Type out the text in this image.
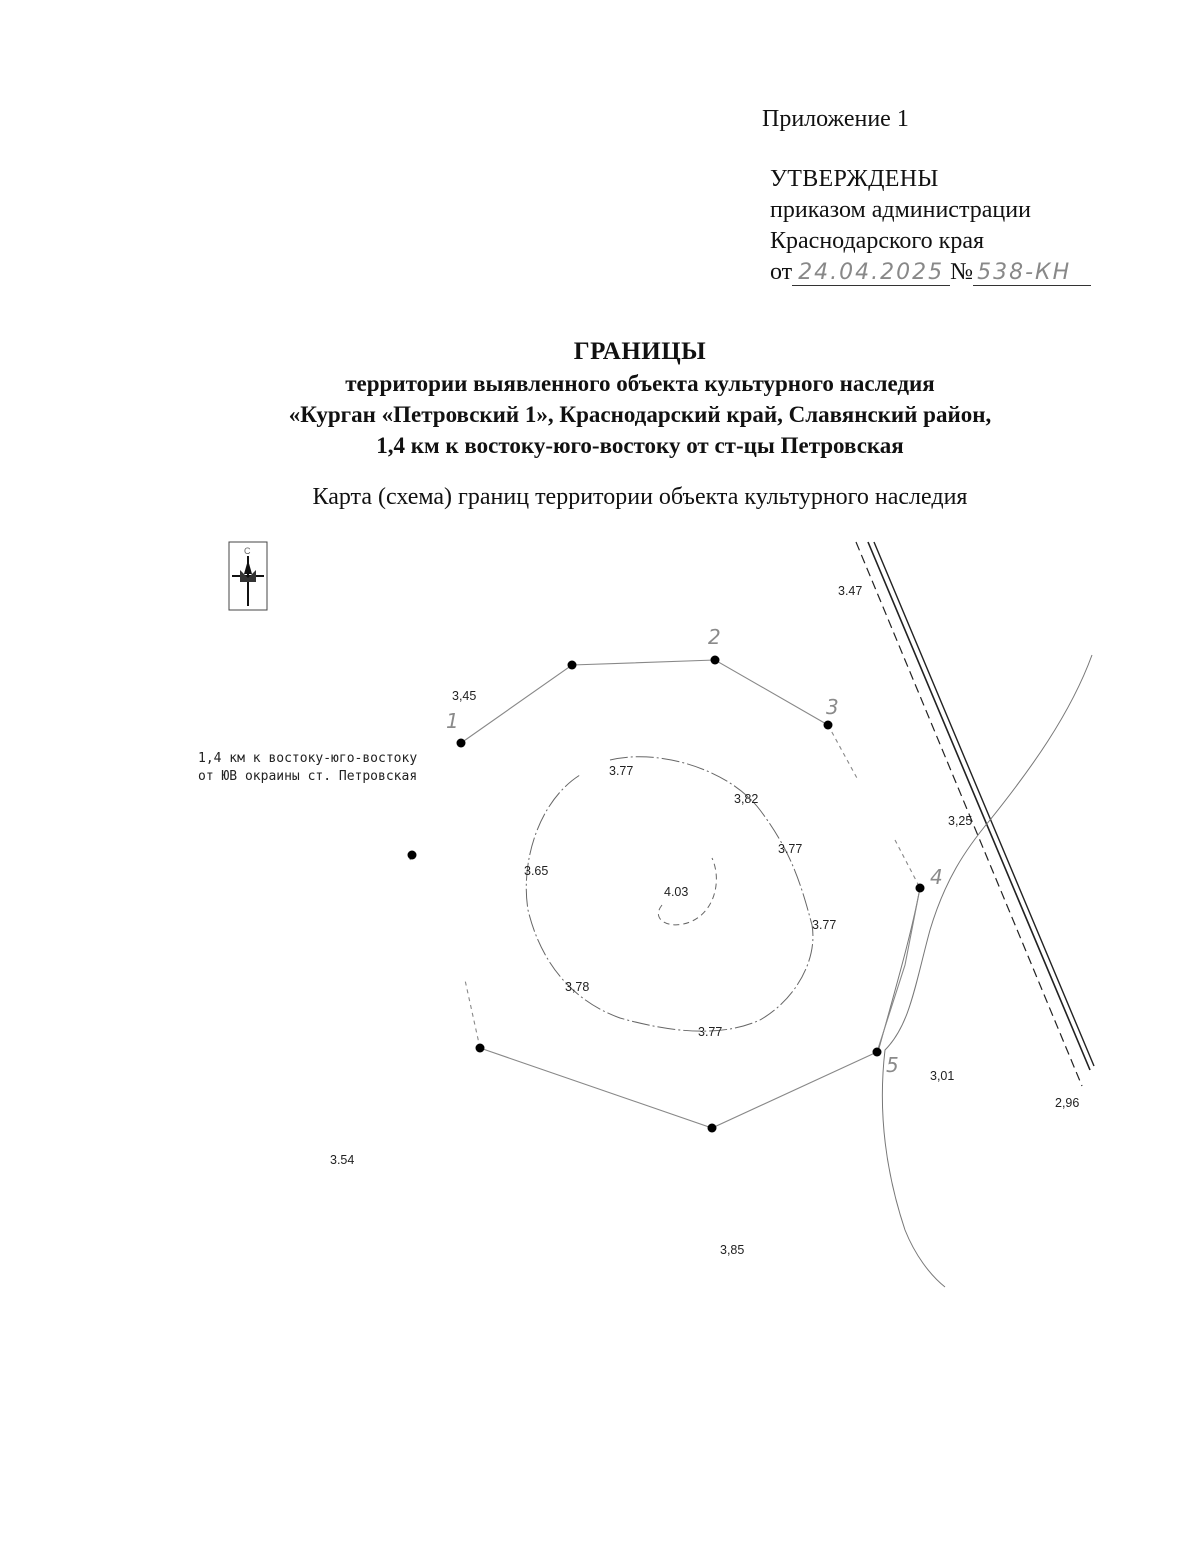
Приложение 1
УТВЕРЖДЕНЫ
приказом администрации
Краснодарского края
от 24.04.2025 № 538-КН
ГРАНИЦЫ
территории выявленного объекта культурного наследия
«Курган «Петровский 1», Краснодарский край, Славянский район,
1,4 км к востоку-юго-востоку от ст-цы Петровская
Карта (схема) границ территории объекта культурного наследия
С
1
2
3
4
5
1,4 км к востоку-юго-востоку
от ЮВ окраины ст. Петровская
3.47
3,45
3.77
3,82
3,25
3.77
3.65
4.03
3.77
3,78
3.77
3,01
2,96
3.54
3,85
